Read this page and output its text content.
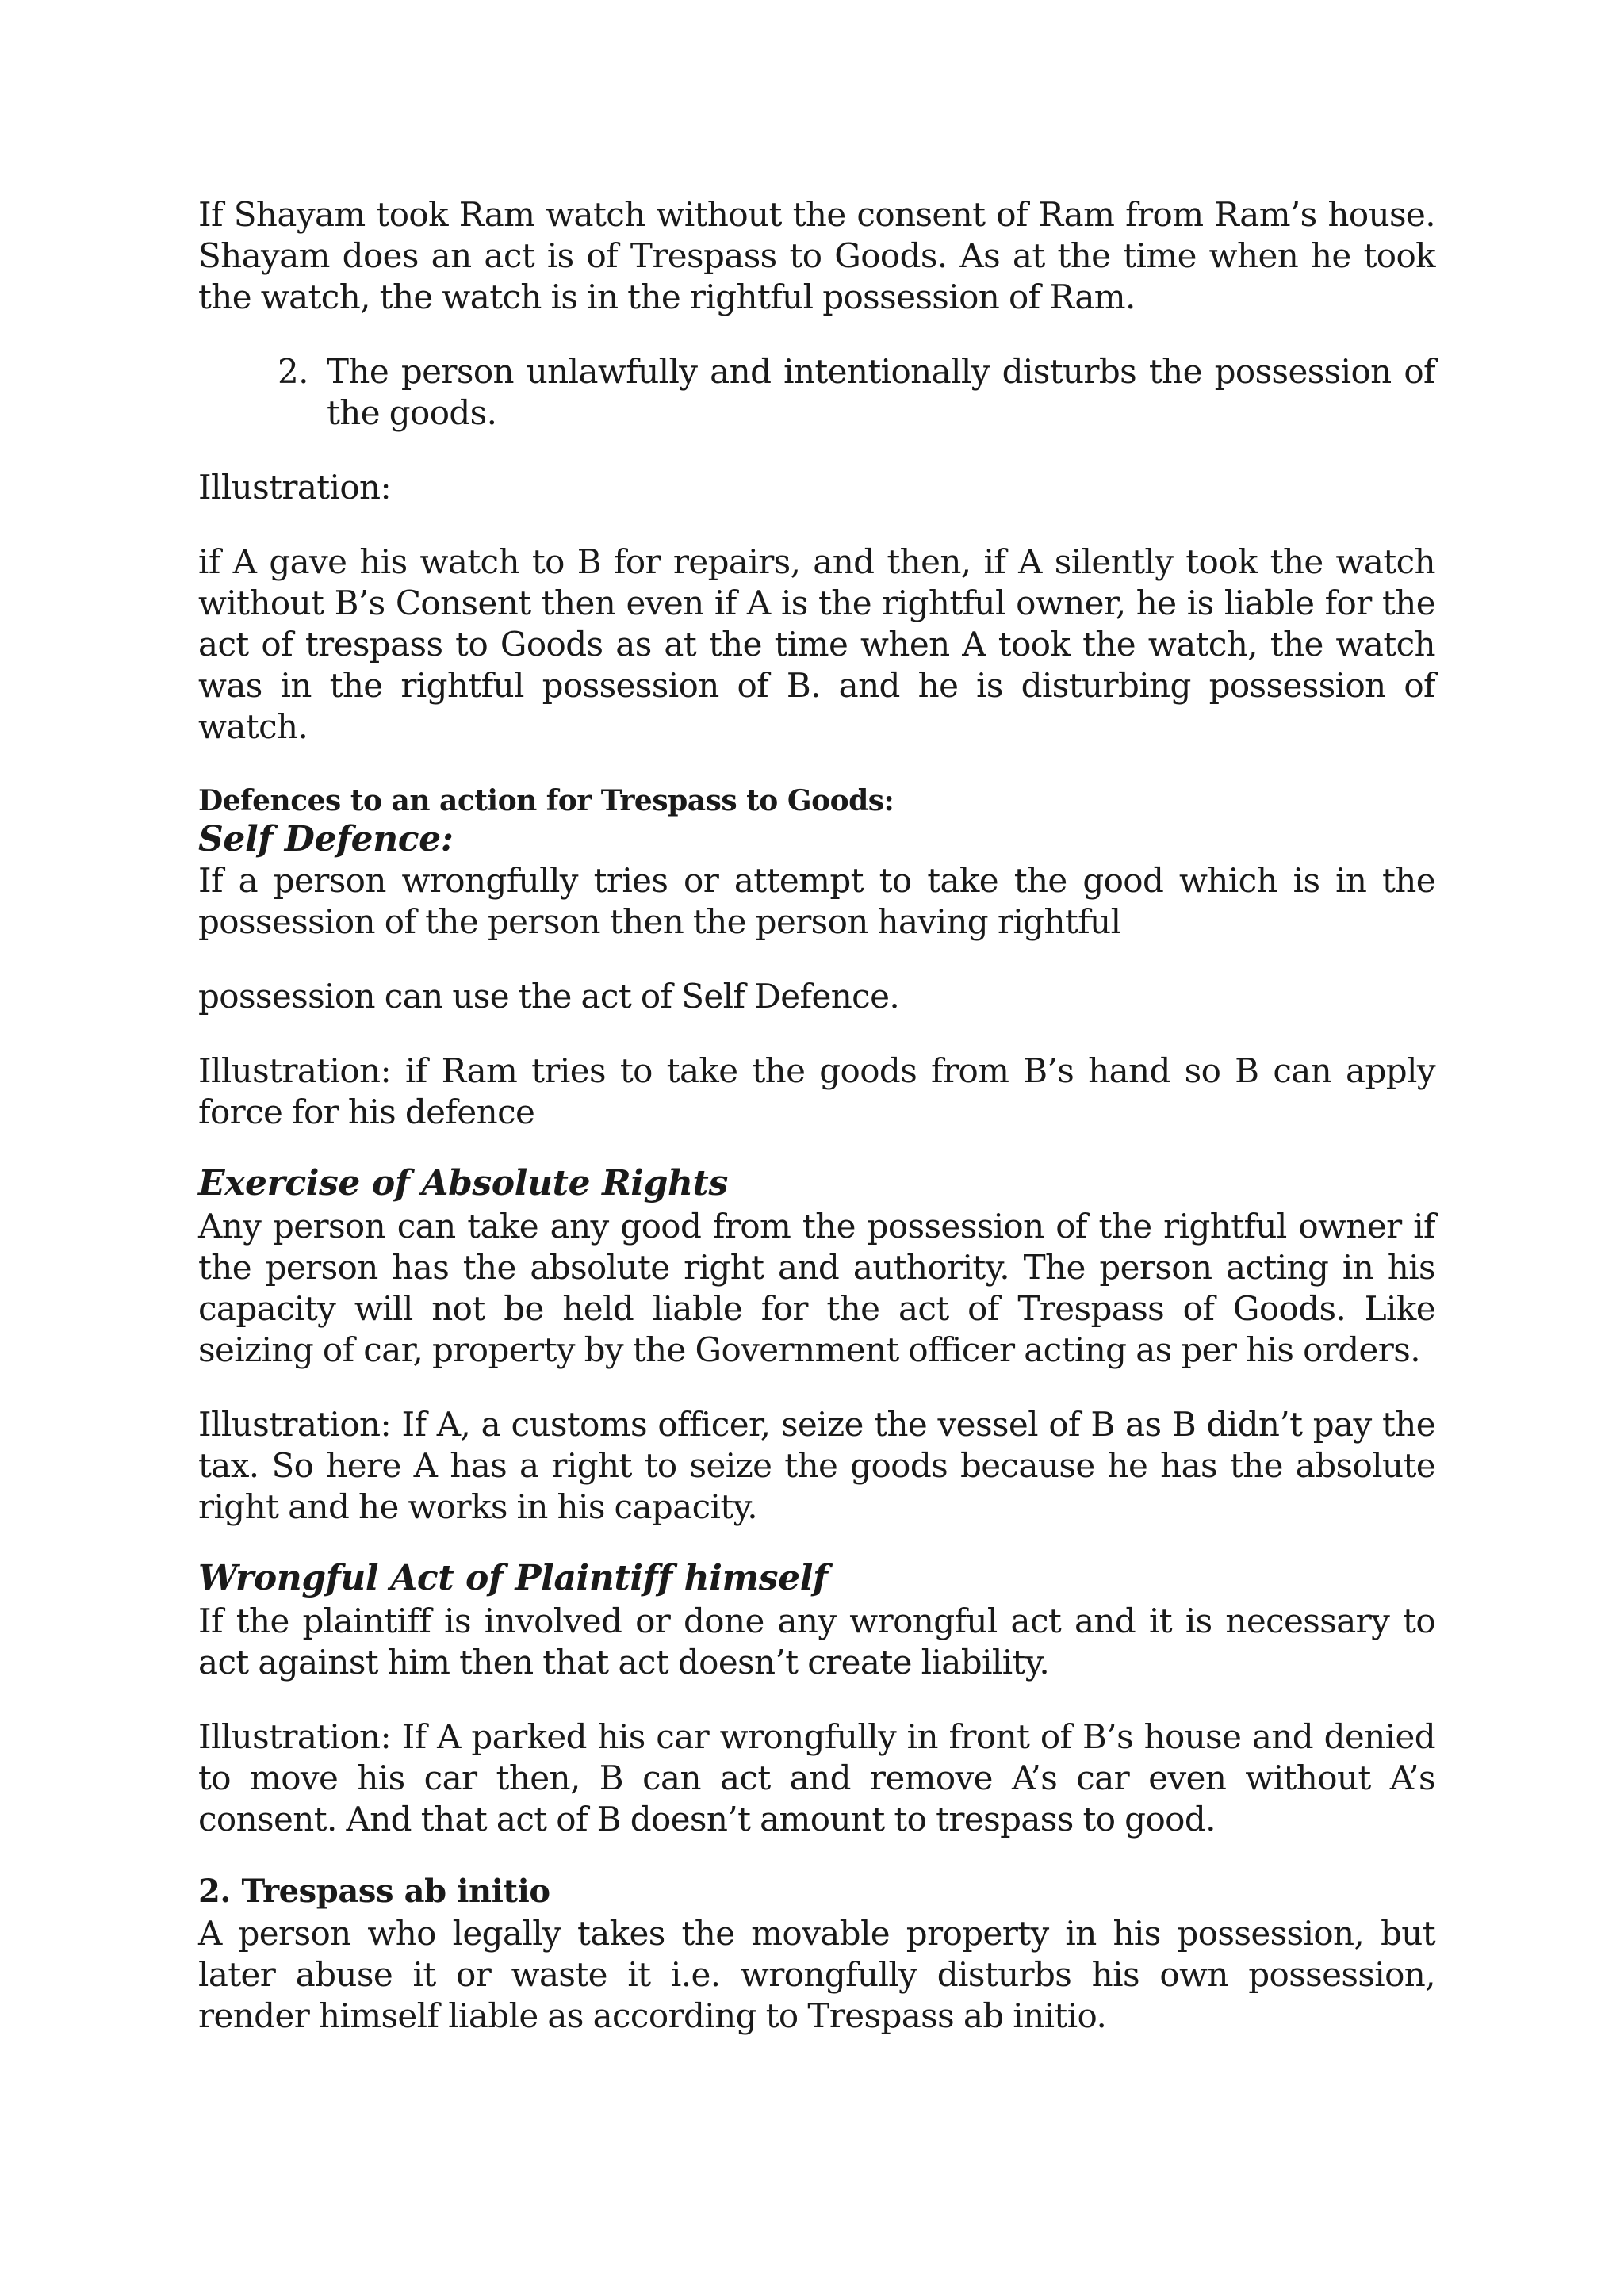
If Shayam took Ram watch without the consent of Ram from Ram’s house. Shayam does an act is of Trespass to Goods. As at the time when he took the watch, the watch is in the rightful possession of Ram.

2. The person unlawfully and intentionally disturbs the possession of the goods.

Illustration:

if A gave his watch to B for repairs, and then, if A silently took the watch without B’s Consent then even if A is the rightful owner, he is liable for the act of trespass to Goods as at the time when A took the watch, the watch was in the rightful possession of B. and he is disturbing possession of watch.

Defences to an action for Trespass to Goods:

Self Defence:

If a person wrongfully tries or attempt to take the good which is in the possession of the person then the person having rightful

possession can use the act of Self Defence.

Illustration: if Ram tries to take the goods from B’s hand so B can apply force for his defence

Exercise of Absolute Rights

Any person can take any good from the possession of the rightful owner if the person has the absolute right and authority. The person acting in his capacity will not be held liable for the act of Trespass of Goods. Like seizing of car, property by the Government officer acting as per his orders.

Illustration: If A, a customs officer, seize the vessel of B as B didn’t pay the tax. So here A has a right to seize the goods because he has the absolute right and he works in his capacity.

Wrongful Act of Plaintiff himself

If the plaintiff is involved or done any wrongful act and it is necessary to act against him then that act doesn’t create liability.

Illustration: If A parked his car wrongfully in front of B’s house and denied to move his car then, B can act and remove A’s car even without A’s consent. And that act of B doesn’t amount to trespass to good.

2. Trespass ab initio

A person who legally takes the movable property in his possession, but later abuse it or waste it i.e. wrongfully disturbs his own possession, render himself liable as according to Trespass ab initio.
